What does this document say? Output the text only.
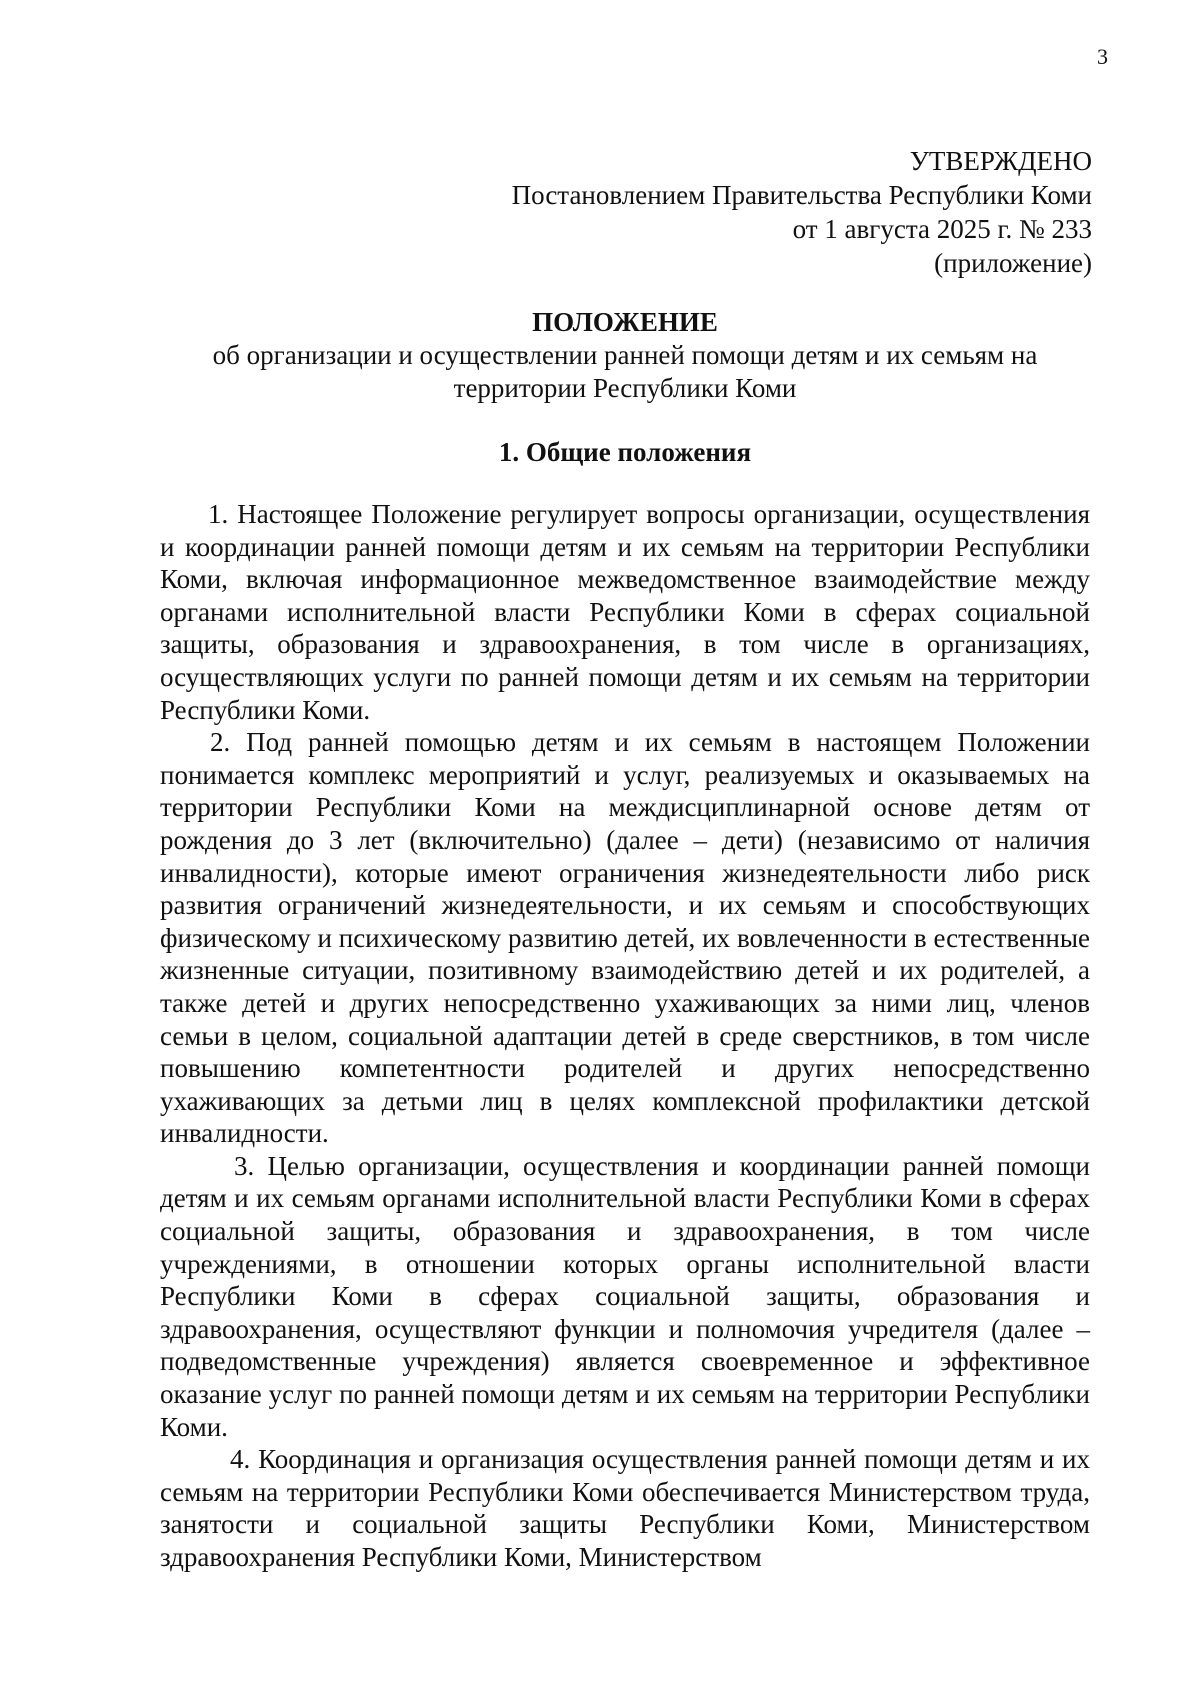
3
УТВЕРЖДЕНО
Постановлением Правительства Республики Коми
от 1 августа 2025 г. № 233
(приложение)
ПОЛОЖЕНИЕ
об организации и осуществлении ранней помощи детям и их семьям на территории Республики Коми
1. Общие положения

1. Настоящее Положение регулирует вопросы организации, осуществления и координации ранней помощи детям и их семьям на территории Республики Коми, включая информационное межведомственное взаимодействие между органами исполнительной власти Республики Коми в сферах социальной защиты, образования и здравоохранения, в том числе в организациях, осуществляющих услуги по ранней помощи детям и их семьям на территории Республики Коми.

2. Под ранней помощью детям и их семьям в настоящем Положении понимается комплекс мероприятий и услуг, реализуемых и оказываемых на территории Республики Коми на междисциплинарной основе детям от рождения до 3 лет (включительно) (далее – дети) (независимо от наличия инвалидности), которые имеют ограничения жизнедеятельности либо риск развития ограничений жизнедеятельности, и их семьям и способствующих физическому и психическому развитию детей, их вовлеченности в естественные жизненные ситуации, позитивному взаимодействию детей и их родителей, а также детей и других непосредственно ухаживающих за ними лиц, членов семьи в целом, социальной адаптации детей в среде сверстников, в том числе повышению компетентности родителей и других непосредственно ухаживающих за детьми лиц в целях комплексной профилактики детской инвалидности.

3. Целью организации, осуществления и координации ранней помощи детям и их семьям органами исполнительной власти Республики Коми в сферах социальной защиты, образования и здравоохранения, в том числе учреждениями, в отношении которых органы исполнительной власти Республики Коми в сферах социальной защиты, образования и здравоохранения, осуществляют функции и полномочия учредителя (далее – подведомственные учреждения) является своевременное и эффективное оказание услуг по ранней помощи детям и их семьям на территории Республики Коми.

4. Координация и организация осуществления ранней помощи детям и их семьям на территории Республики Коми обеспечивается Министерством труда, занятости и социальной защиты Республики Коми, Министерством здравоохранения Республики Коми, Министерством
